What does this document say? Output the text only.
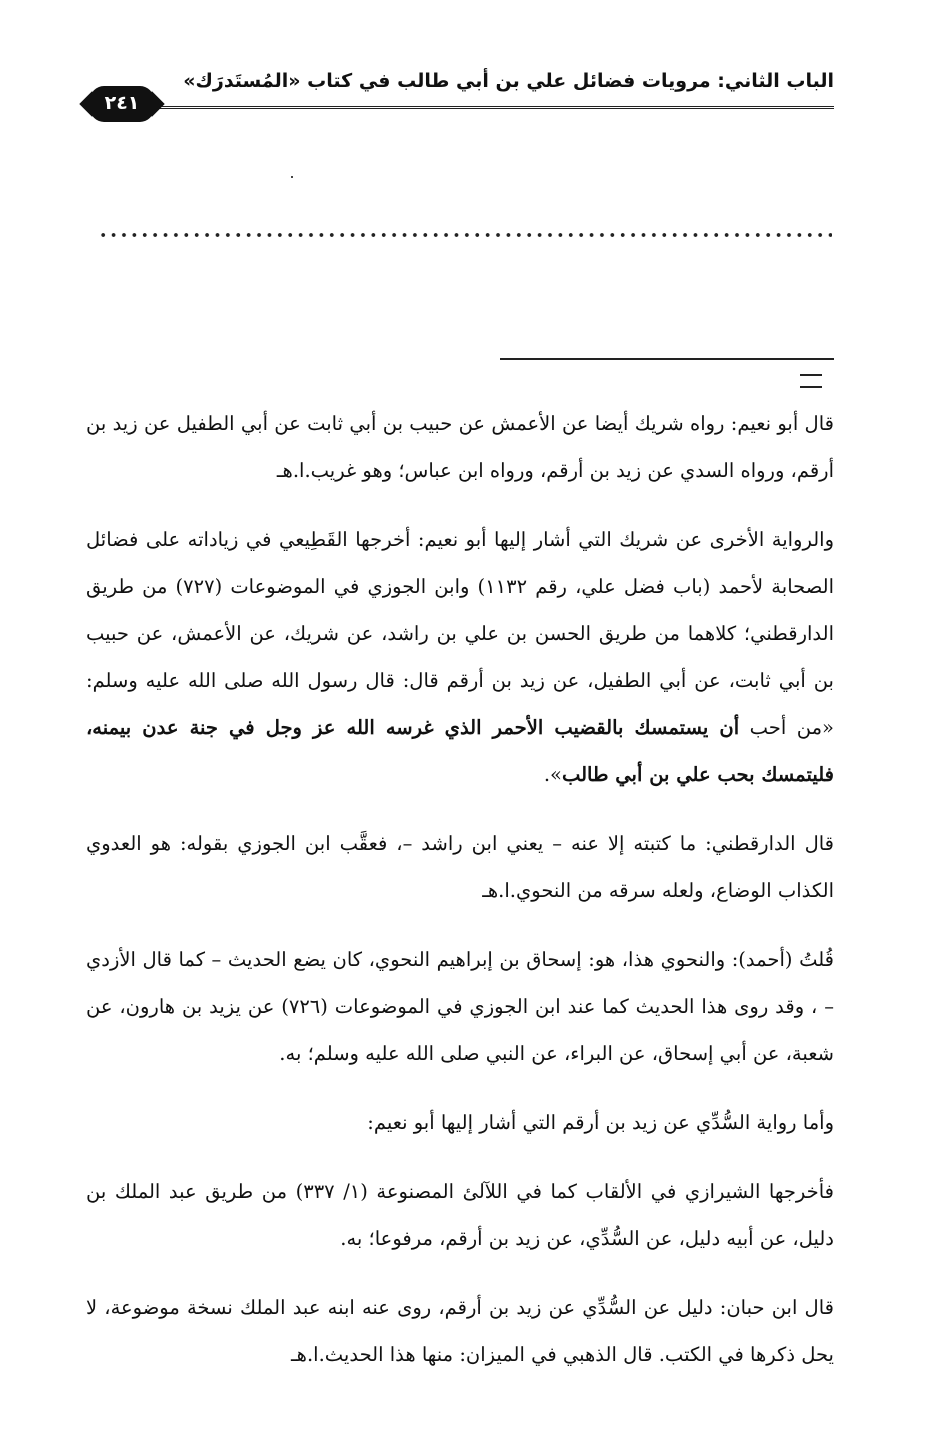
الباب الثاني: مرويات فضائل علي بن أبي طالب في كتاب «المُستَدرَك»
٢٤١

قال أبو نعيم: رواه شريك أيضا عن الأعمش عن حبيب بن أبي ثابت عن أبي الطفيل عن زيد بن أرقم، ورواه السدي عن زيد بن أرقم، ورواه ابن عباس؛ وهو غريب.ا.هـ

والرواية الأخرى عن شريك التي أشار إليها أبو نعيم: أخرجها القَطِيعي في زياداته على فضائل الصحابة لأحمد (باب فضل علي، رقم ١١٣٢) وابن الجوزي في الموضوعات (٧٢٧) من طريق الدارقطني؛ كلاهما من طريق الحسن بن علي بن راشد، عن شريك، عن الأعمش، عن حبيب بن أبي ثابت، عن أبي الطفيل، عن زيد بن أرقم قال: قال رسول الله صلى الله عليه وسلم: «من أحب أن يستمسك بالقضيب الأحمر الذي غرسه الله عز وجل في جنة عدن بيمنه، فليتمسك بحب علي بن أبي طالب».

قال الدارقطني: ما كتبته إلا عنه – يعني ابن راشد –، فعقَّب ابن الجوزي بقوله: هو العدوي الكذاب الوضاع، ولعله سرقه من النحوي.ا.هـ

قُلتُ (أحمد): والنحوي هذا، هو: إسحاق بن إبراهيم النحوي، كان يضع الحديث – كما قال الأزدي – ، وقد روى هذا الحديث كما عند ابن الجوزي في الموضوعات (٧٢٦) عن يزيد بن هارون، عن شعبة، عن أبي إسحاق، عن البراء، عن النبي صلى الله عليه وسلم؛ به.

وأما رواية السُّدِّي عن زيد بن أرقم التي أشار إليها أبو نعيم:

فأخرجها الشيرازي في الألقاب كما في اللآلئ المصنوعة (١/ ٣٣٧) من طريق عبد الملك بن دليل، عن أبيه دليل، عن السُّدِّي، عن زيد بن أرقم، مرفوعا؛ به.

قال ابن حبان: دليل عن السُّدِّي عن زيد بن أرقم، روى عنه ابنه عبد الملك نسخة موضوعة، لا يحل ذكرها في الكتب. قال الذهبي في الميزان: منها هذا الحديث.ا.هـ
